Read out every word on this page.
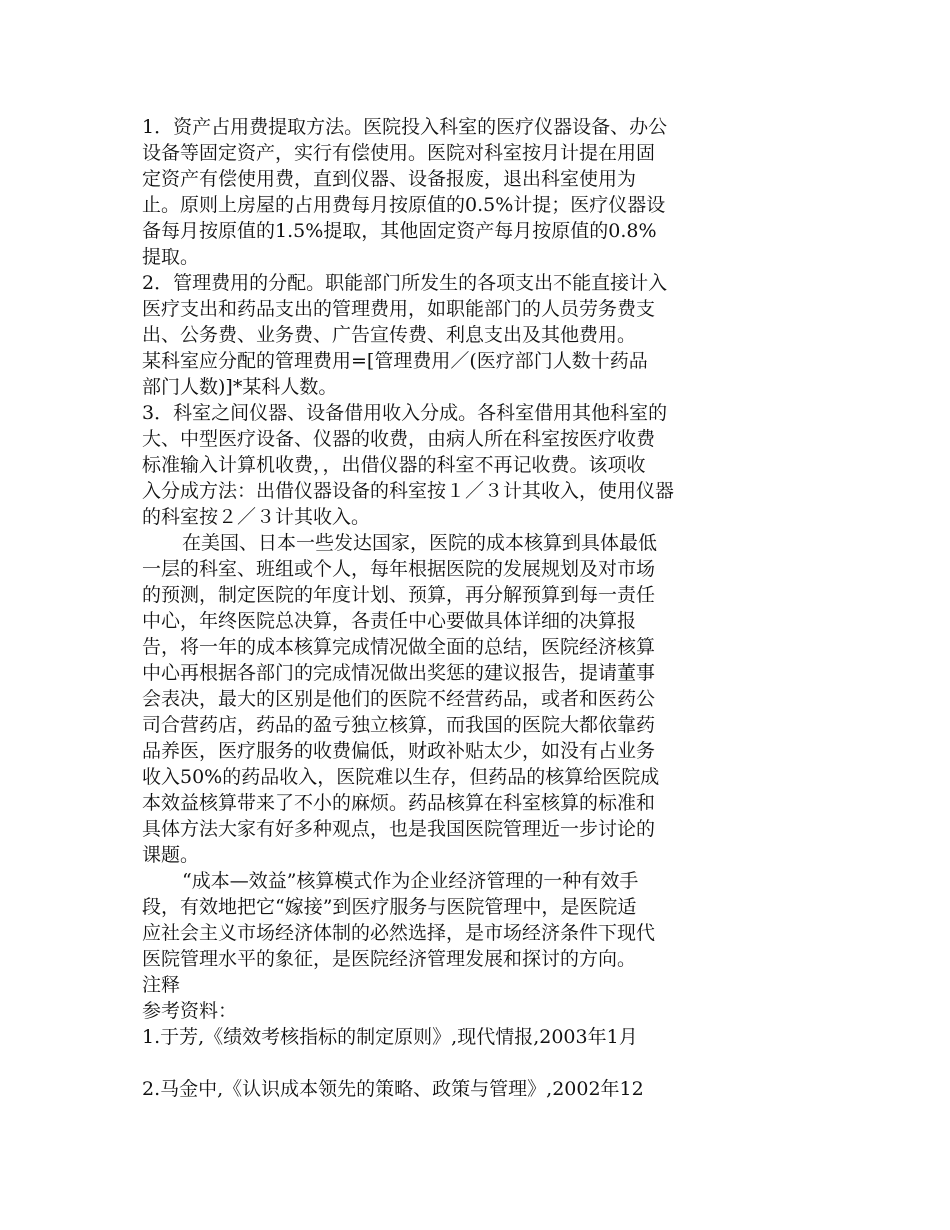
1．资产占用费提取方法。医院投入科室的医疗仪器设备、办公
设备等固定资产，实行有偿使用。医院对科室按月计提在用固
定资产有偿使用费，直到仪器、设备报废，退出科室使用为
止。原则上房屋的占用费每月按原值的0.5%计提；医疗仪器设
备每月按原值的1.5%提取，其他固定资产每月按原值的0.8%
提取。
2．管理费用的分配。职能部门所发生的各项支出不能直接计入
医疗支出和药品支出的管理费用，如职能部门的人员劳务费支
出、公务费、业务费、广告宣传费、利息支出及其他费用。
某科室应分配的管理费用=[管理费用／(医疗部门人数十药品
部门人数)]*某科人数。
3．科室之间仪器、设备借用收入分成。各科室借用其他科室的
大、中型医疗设备、仪器的收费，由病人所在科室按医疗收费
标准输入计算机收费，，出借仪器的科室不再记收费。该项收
入分成方法：出借仪器设备的科室按１／３计其收入，使用仪器
的科室按２／３计其收入。
在美国、日本一些发达国家，医院的成本核算到具体最低
一层的科室、班组或个人，每年根据医院的发展规划及对市场
的预测，制定医院的年度计划、预算，再分解预算到每一责任
中心，年终医院总决算，各责任中心要做具体详细的决算报
告，将一年的成本核算完成情况做全面的总结，医院经济核算
中心再根据各部门的完成情况做出奖惩的建议报告，提请董事
会表决，最大的区别是他们的医院不经营药品，或者和医药公
司合营药店，药品的盈亏独立核算，而我国的医院大都依靠药
品养医，医疗服务的收费偏低，财政补贴太少，如没有占业务
收入50%的药品收入，医院难以生存，但药品的核算给医院成
本效益核算带来了不小的麻烦。药品核算在科室核算的标准和
具体方法大家有好多种观点，也是我国医院管理近一步讨论的
课题。
“成本—效益”核算模式作为企业经济管理的一种有效手
段，有效地把它“嫁接”到医疗服务与医院管理中，是医院适
应社会主义市场经济体制的必然选择，是市场经济条件下现代
医院管理水平的象征，是医院经济管理发展和探讨的方向。
注释
参考资料：
1.于芳,《绩效考核指标的制定原则》,现代情报,2003年1月
2.马金中,《认识成本领先的策略、政策与管理》,2002年12
